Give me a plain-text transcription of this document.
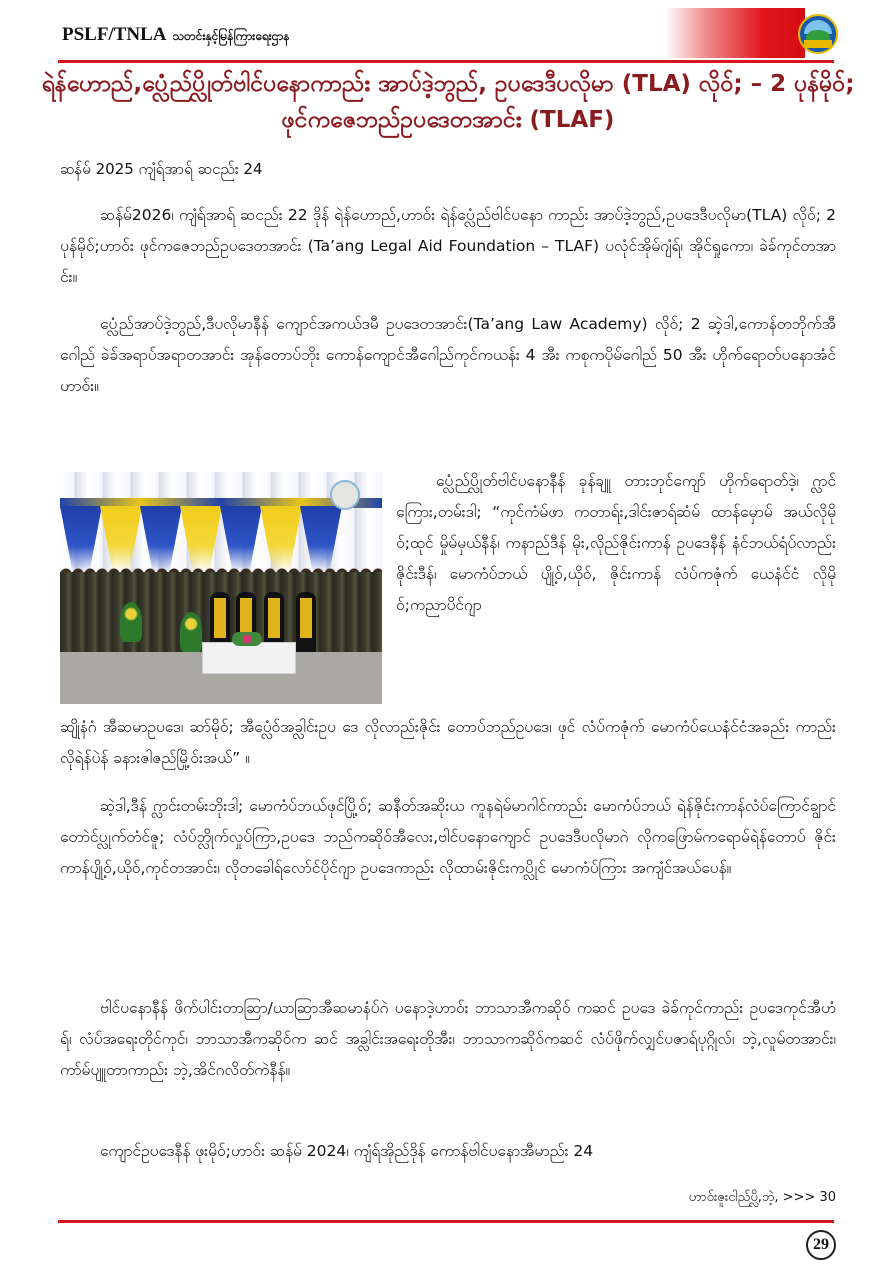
PSLF/TNLA သတင်းနှင့်မြန်ကြားရေးဌာန
ရဲန်ဟောည်,ပ္လေံည်ပ္လိုတ်ဗါင်ပနောကာည်း အာပ်ဒဲ့ဘွည်, ဥပဒေဒီပလိုမာ (TLA) လိုဝ်; – 2 ပုန်မိုဝ်; ဖုင်ကဇေဘည်ဥပဒေတအာင်း (TLAF)
ဆန်မ် 2025 ကျံရ်အာရ် ဆငည်း 24

ဆန်မ်2026၊ ကျံရ်အာရ် ဆငည်း 22 ဒိုန် ရဲန်ဟောည်,ဟာဝ်း ရဲန်ပ္လေံည်ဗါင်ပနော ကာည်း အာပ်ဒဲ့ဘွည်,ဥပဒေဒီပလိုမာ(TLA) လိုဝ်; 2 ပုန်မိုဝ်;ဟာဝ်း ဖုင်ကဇေဘည်ဥပဒေတအာင်း (Ta’ang Legal Aid Foundation – TLAF) ပလုံင်အိုမ်ဂျံရ်၊ အိုင်ရှုကော၊ ခဲခ်ကုင်တအာင်း။

ပ္လေံည်အာပ်ဒဲ့ဘွည်,ဒီပလိုမာနီန် ကျောင်အကယ်ဒမီ ဥပဒေတအာင်း(Ta’ang Law Academy) လိုဝ်; 2 ဆဲ့ဒါ,ကောန်တဘိုက်အီဂေါည် ခဲခ်အရာပ်အရာတအာင်း အုန်တောပ်ဘိုး ကောန်ကျောင်အီဂေါည်ကုင်ကယန်း 4 အီး ကစုကပိုမ်ဂေါည် 50 အီး ဟိုက်ရောတ်ပနောအံင် ဟာဝ်း။

ပ္လေံည်ပ္လိုတ်ဗါင်ပနောနီန် ခုန်ချူ တားဘုင်ကျော် ဟိုက်ရောတ်ဒဲ့၊ ဂ္လာင်ကြေား,တမ်းဒါ; “ကုင်ကံမ်ဖာ ကတာရ်း,ဒါင်းဇာရ်ဆံမ် ထာန်မှောမ် အယ်လိုမိုဝ်;ထုင် မှိုမ်မှယ်နီန်၊ ကနာည်ဒီန် မိုး,လိုည်ဇိုင်းကာန် ဥပဒေနီန် နံင်ဘယ်ရံပ်လာည်းဇိုင်းဒီန်၊ မောကံပ်ဘယ် ပျို့ဝ်,ယိုဝ်, ဇိုင်းကာန် လံပ်ကဇုံက် ယေနံင်ငံ လိုမိုဝ်;ကညာပိင်ဂျာ

ဆျိုနံဂံ အီဆမာဥပဒေ၊ ဆာ်မိုဝ်; အီပ္လေံဝ်အခ္လါင်းဥပ ဒေ လိုလာည်းဇိုင်း တောပ်ဘည်ဥပဒေ၊ ဖုင် လံပ်ကဇုံက် မောကံပ်ယေနံင်ငံအခည်း ကာည်း လိုရဲန်ပဲန် ခနားဇါဇည်မြို့ဝ်းအယ်” ။

ဆဲ့ဒါ,ဒီန် ဂ္လာင်းတမ်းဘိုးဒါ; မောကံပ်ဘယ်ဖုင်ပြို့ဝ်; ဆနီတ်အဆိုးယ ကူနရဲမ်မာဂါင်ကာည်း မောကံပ်ဘယ် ရဲန်ဇိုင်းကာန်လံပ်ကြောင်ချွာင် တောဲင်ပ္လုက်တံင်ဇူ; လံပ်ဘ္လိုက်လှုပ်ကြာ,ဥပဒေ ဘည်ကဆိုဝ်အီလေး,ဗါင်ပနောကျောင် ဥပဒေဒီပလိုမာဂဲ လိုကဖြောမ်ကရောမ်ရဲန်တောပ် ဇိုင်း ကာန်ပျို့ဝ်,ယိုဝ်,ကုင်တအာင်း၊ လိုတခေါရ်လော်င်ပိုင်ဂျာ ဥပဒေကာည်း လိုထာမ်းဇိုင်းကပ္လိုင် မောကံပ်ကြား အကျံင်အယ်ပေန်။

ဗါင်ပနောနီန် ဖိက်ပါင်းတာဆြာ/ယာဆြာအီဆမာနံပ်ဂဲ ပနောဒဲ့ဟာဝ်း ဘာသာအီကဆိုဝ် ကဆင် ဥပဒေ ခဲခ်ကုင်ကာည်း ဥပဒေကုင်အီဟံရ်၊ လံပ်အရေးတိုင်ကုင်၊ ဘာသာအီကဆိုဝ်က ဆင် အခ္လါင်းအရေးတိုအီး၊ ဘာသာကဆိုဝ်ကဆင် လံပ်ဖိုက်လျှင်ပဇာရ်ပုဂ္ဂိုလ်၊ ဘဲ့,လူမ်တအာင်း၊ ကာ်မ်ပျူတာကာည်း ဘဲ့,အိင်ဂလိတ်ကဲနီန်။

ကျောင်ဥပဒေနီန် ဖုးမိုဝ်;ဟာဝ်း ဆန်မ် 2024၊ ကျံရ်အိုည်ဒိုန် ကောန်ဗါင်ပနောအီမာည်း 24

ဟာဝ်းဇူးငါည်ပ္လိ,ဘဲ့, >>> 30
29
